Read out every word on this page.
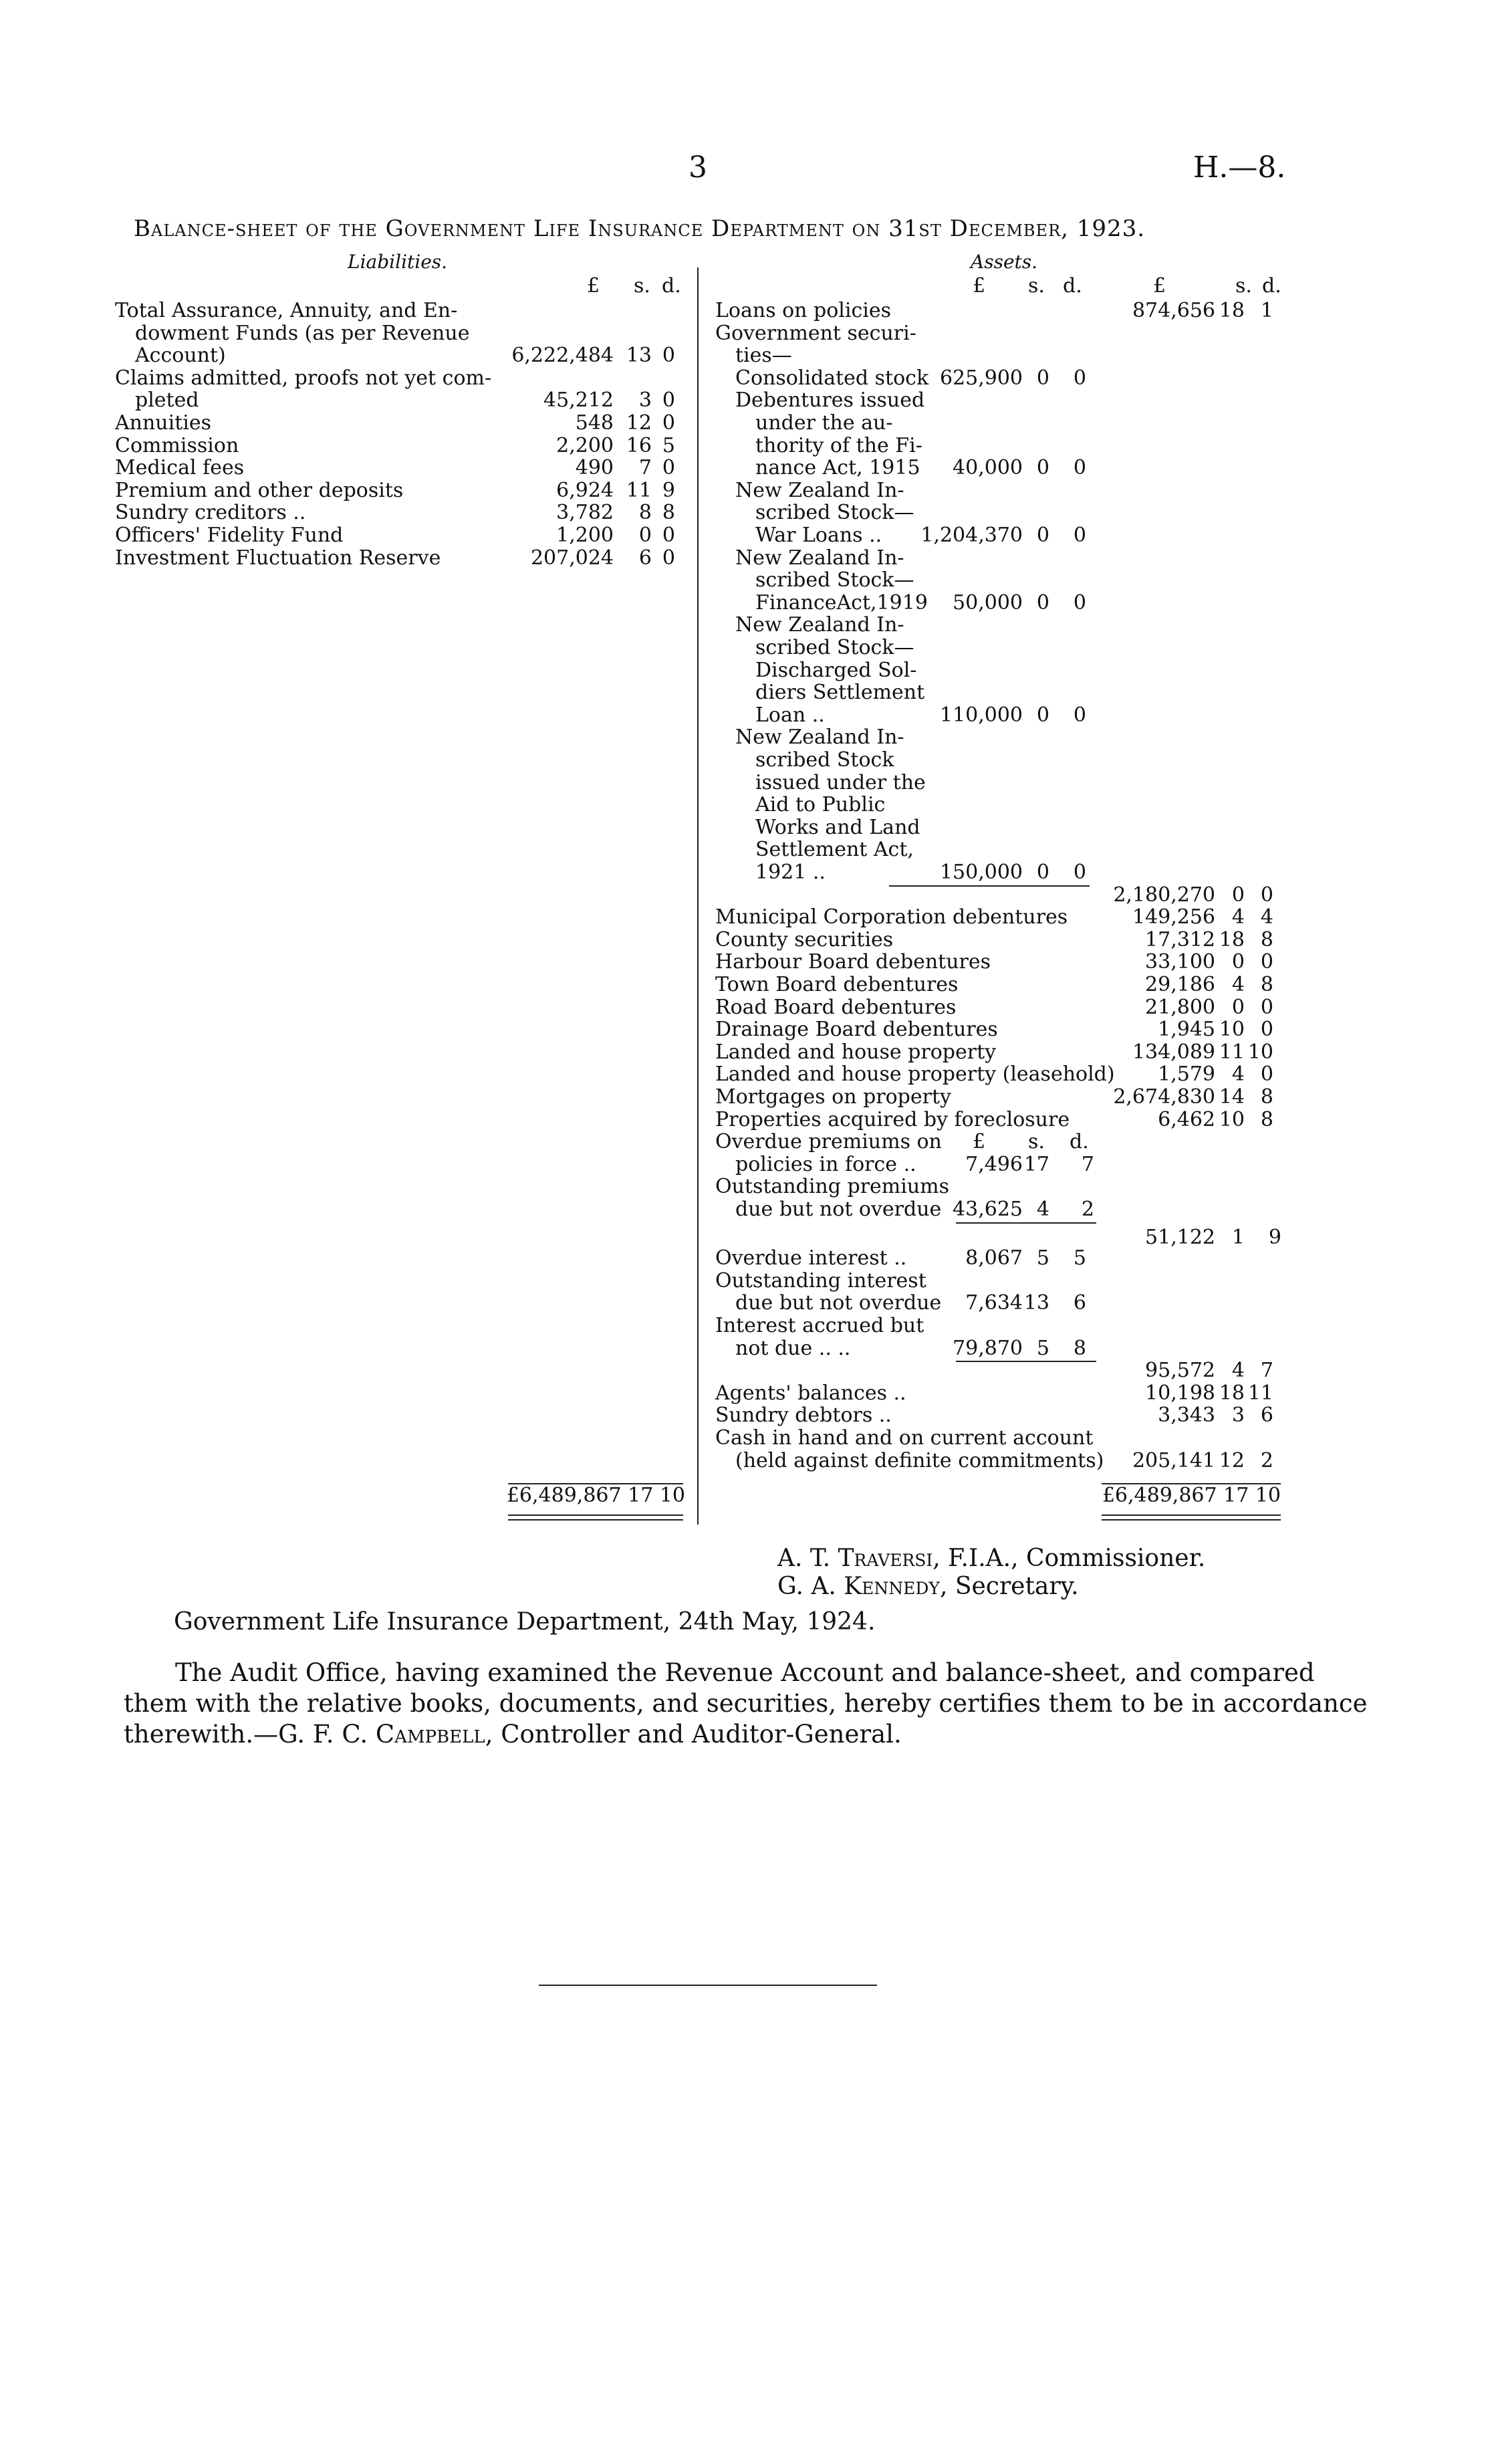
3	H.—8.
Balance-sheet of the Government Life Insurance Department on 31st December, 1923.
Liabilities.
£ s. d.
Total Assurance, Annuity, and En-
dowment Funds (as per Revenue
Account)	6,222,484 13 0
Claims admitted, proofs not yet com-
pleted	45,212 3 0
Annuities	548 12 0
Commission	2,200 16 5
Medical fees	490 7 0
Premium and other deposits	6,924 11 9
Sundry creditors ..	3,782 8 8
Officers' Fidelity Fund	1,200 0 0
Investment Fluctuation Reserve	207,024 6 0
£6,489,867 17 10
Assets.
£ s. d.	£	s. d.
Loans on policies	874,656 18 1
Government securi-
ties—
Consolidated stock 625,900 0 0
Debentures issued
under the au-
thority of the Fi-
nance Act, 1915 40,000 0 0
New Zealand In-
scribed Stock—
War Loans .. 1,204,370 0 0
New Zealand In-
scribed Stock—
FinanceAct,1919 50,000 0 0
New Zealand In-
scribed Stock—
Discharged Sol-
diers Settlement
Loan ..	110,000 0 0
New Zealand In-
scribed Stock
issued under the
Aid to Public
Works and Land
Settlement Act,
1921 ..	150,000 0 0
2,180,270 0 0
Municipal Corporation debentures	149,256 4 4
County securities	17,312 18 8
Harbour Board debentures	33,100 0 0
Town Board debentures	29,186 4 8
Road Board debentures	21,800 0 0
Drainage Board debentures	1,945 10 0
Landed and house property	134,089 11 10
Landed and house property (leasehold) 1,579 4 0
Mortgages on property	2,674,830 14 8
Properties acquired by foreclosure	6,462 10 8
£ s. d.
Overdue premiums on
policies in force .. 7,496 17 7
Outstanding premiums
due but not overdue 43,625 4 2
51,122 1 9
Overdue interest ..	8,067 5 5
Outstanding interest
due but not overdue 7,634 13 6
Interest accrued but
not due .. ..	79,870 5 8
95,572 4 7
Agents' balances ..	10,198 18 11
Sundry debtors ..	3,343 3 6
Cash in hand and on current account
(held against definite commitments) 205,141 12 2
£6,489,867 17 10
A. T. Traversi, F.I.A., Commissioner.
G. A. Kennedy, Secretary.
Government Life Insurance Department, 24th May, 1924.
The Audit Office, having examined the Revenue Account and balance-sheet, and compared
them with the relative books, documents, and securities, hereby certifies them to be in accordance
therewith.—G. F. C. Campbell, Controller and Auditor-General.
